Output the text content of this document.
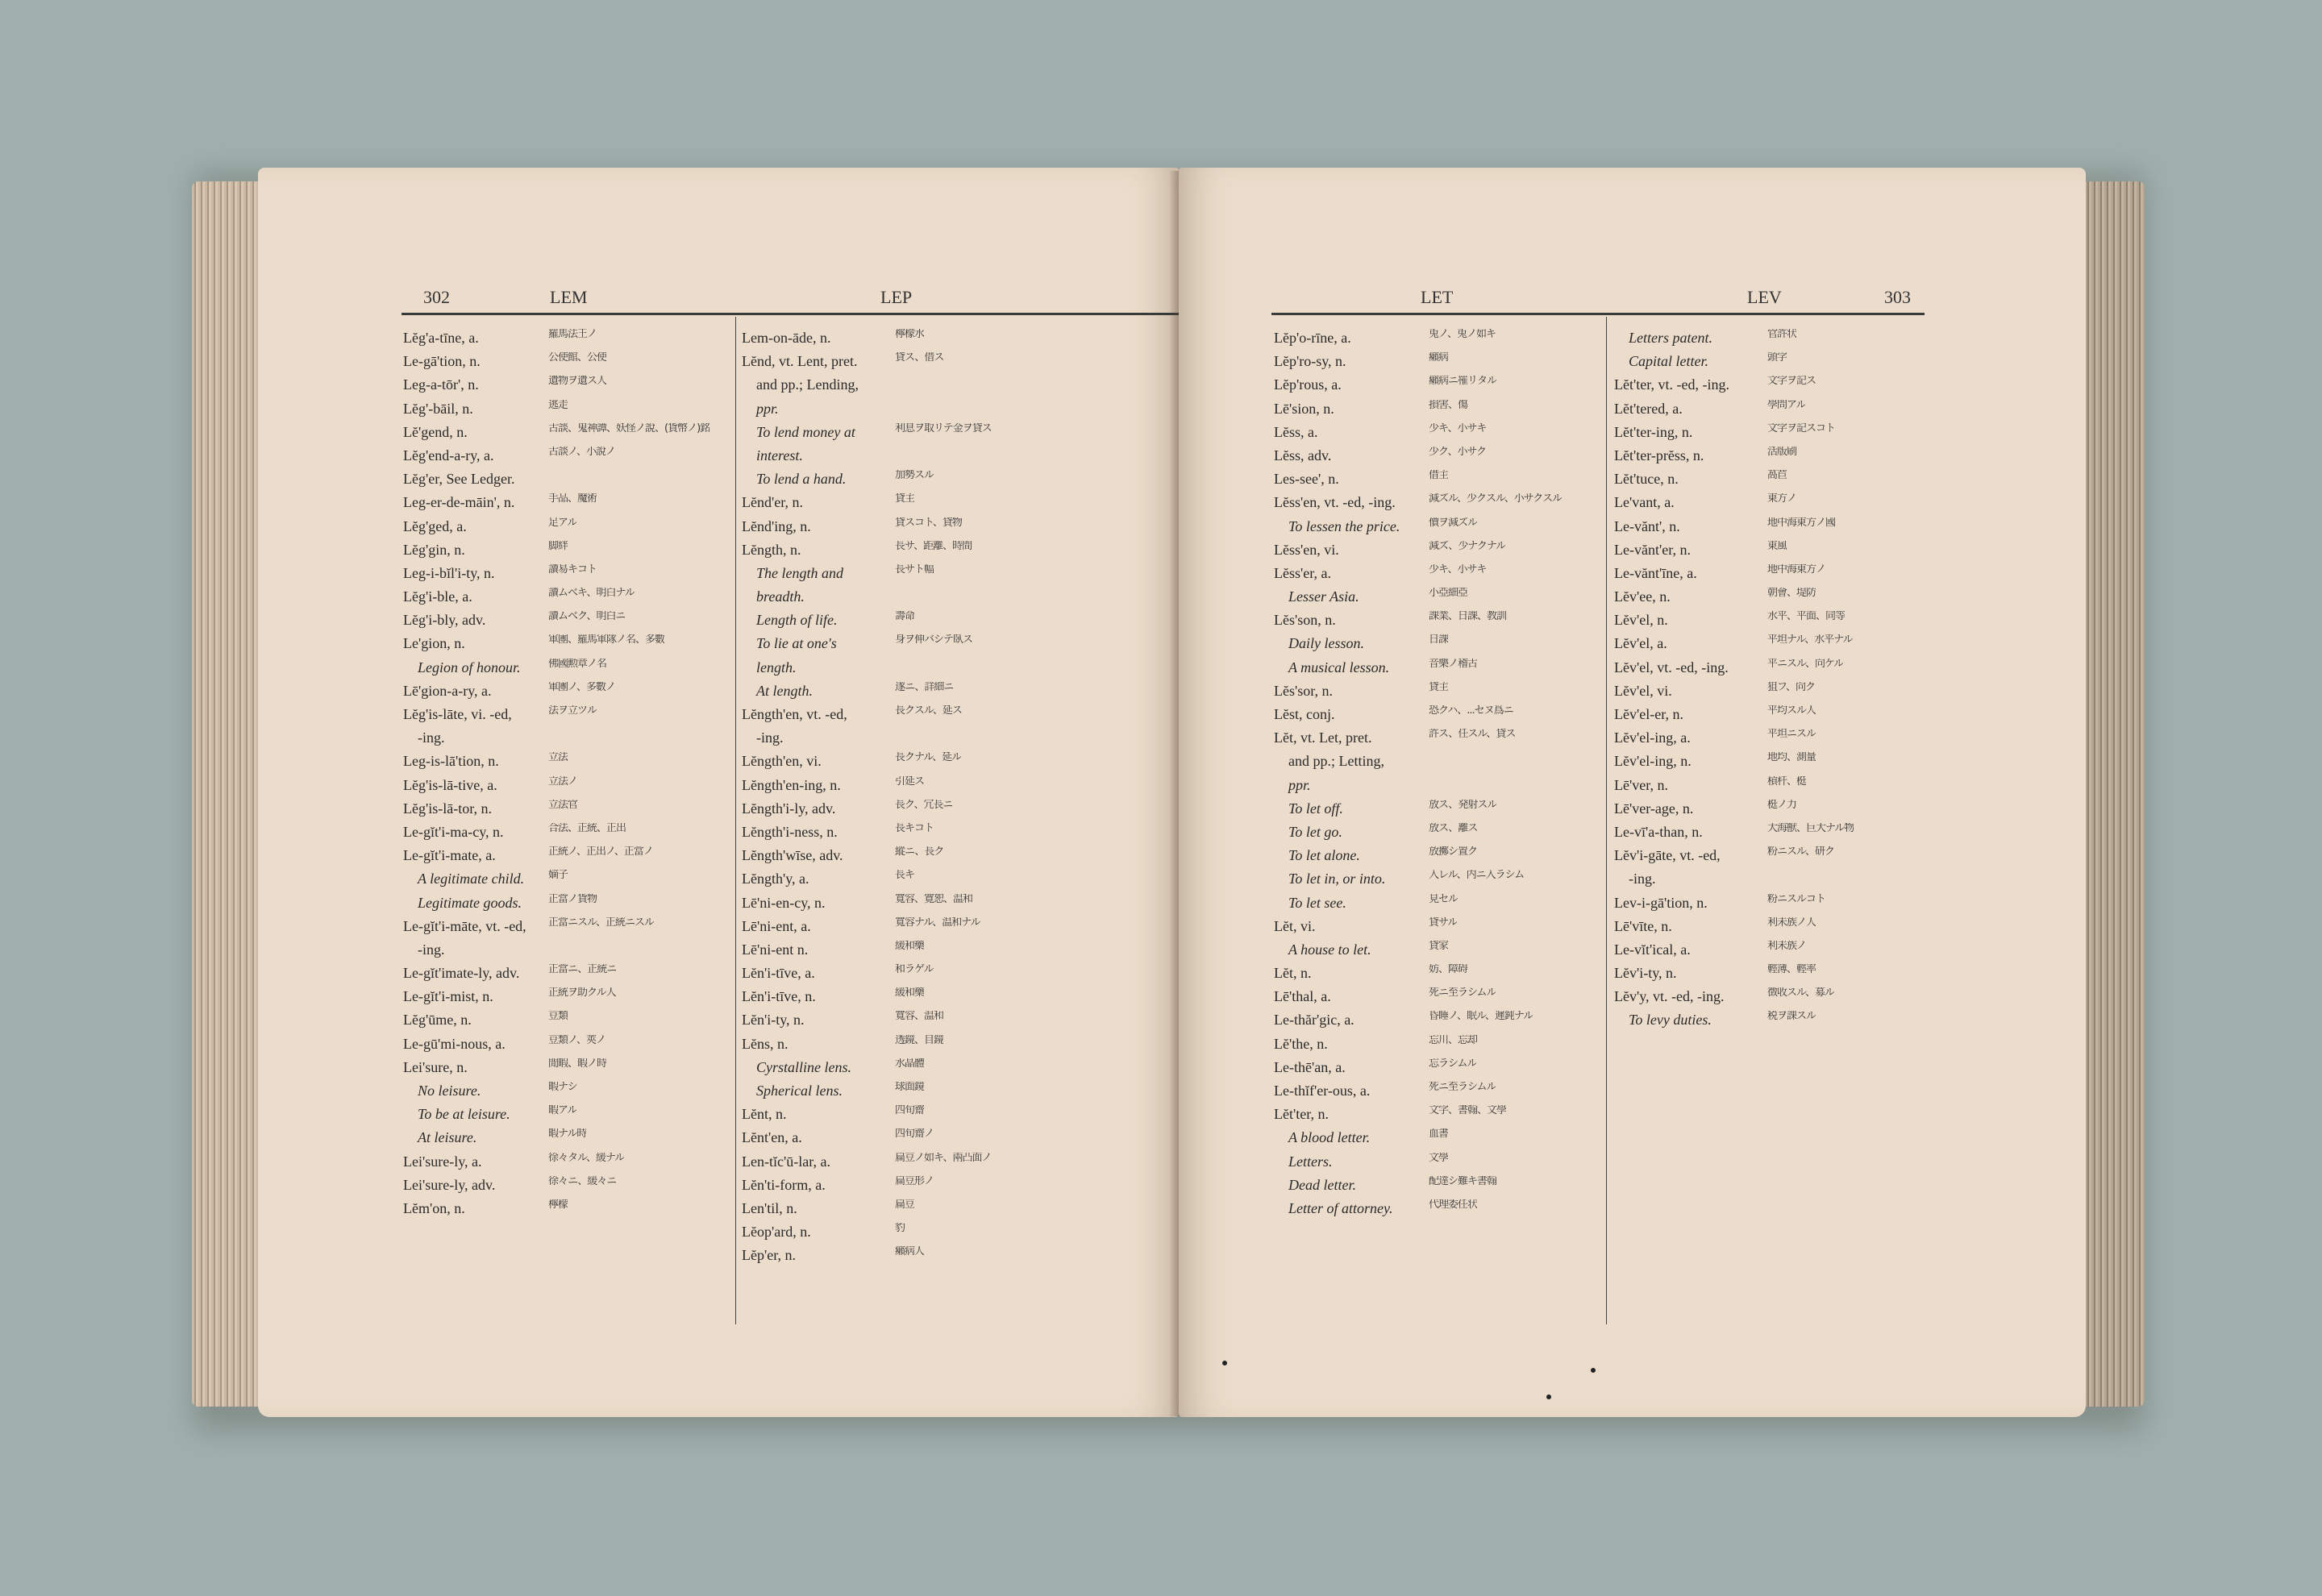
302	LEM	LEP
Lĕg'a-tīne, a.	羅馬法王ノ
Le-gā'tion, n.	公使館、公使
Leg-a-tōr', n.	遺物ヲ遺ス人
Lĕg'-bāil, n.	逃走
Lĕ'gend, n.	古談、鬼神譚、妖怪ノ說、(貨幣ノ)銘
Lĕg'end-a-ry, a.	古談ノ、小說ノ
Lĕg'er, See Ledger.
Leg-er-de-māin', n.	手品、魔術
Lĕg'ged, a.	足アル
Lĕg'gin, n.	脚絆
Leg-i-bĭl'i-ty, n.	讀易キコト
Lĕg'i-ble, a.	讀ムベキ、明白ナル
Lĕg'i-bly, adv.	讀ムベク、明白ニ
Le'gion, n.	軍團、羅馬軍隊ノ名、多數
Legion of honour.	佛國勲章ノ名
Lē'gion-a-ry, a.	軍團ノ、多數ノ
Lĕg'is-lāte, vi. -ed,	法ヲ立ツル
-ing.
Leg-is-lā'tion, n.	立法
Lĕg'is-lā-tive, a.	立法ノ
Lĕg'is-lā-tor, n.	立法官
Le-gĭt'i-ma-cy, n.	合法、正統、正出
Le-gĭt'i-mate, a.	正統ノ、正出ノ、正當ノ
A legitimate child.	嫡子
Legitimate goods.	正當ノ貨物
Le-gĭt'i-māte, vt. -ed,	正當ニスル、正統ニスル
-ing.
Le-gĭt'imate-ly, adv.	正當ニ、正統ニ
Le-gĭt'i-mist, n.	正統ヲ助クル人
Lĕg'ūme, n.	豆類
Le-gū'mi-nous, a.	豆類ノ、莢ノ
Lei'sure, n.	閒暇、暇ノ時
No leisure.	暇ナシ
To be at leisure.	暇アル
At leisure.	暇ナル時
Lei'sure-ly, a.	徐々タル、緩ナル
Lei'sure-ly, adv.	徐々ニ、緩々ニ
Lĕm'on, n.	檸檬
Lem-on-āde, n.	檸檬水
Lĕnd, vt. Lent, pret.	貸ス、借ス
and pp.; Lending,
ppr.
To lend money at	利息ヲ取リテ金ヲ貸ス
interest.
To lend a hand.	加勢スル
Lĕnd'er, n.	貸主
Lĕnd'ing, n.	貸スコト、貸物
Lĕngth, n.	長サ、距離、時間
The length and	長サト幅
breadth.
Length of life.	壽命
To lie at one's	身ヲ伸バシテ臥ス
length.
At length.	遂ニ、詳細ニ
Lĕngth'en, vt. -ed,	長クスル、延ス
-ing.
Lĕngth'en, vi.	長クナル、延ル
Lĕngth'en-ing, n.	引延ス
Lĕngth'i-ly, adv.	長ク、冗長ニ
Lĕngth'i-ness, n.	長キコト
Lĕngth'wīse, adv.	縱ニ、長ク
Lĕngth'y, a.	長キ
Lē'ni-en-cy, n.	寬容、寛恕、温和
Lē'ni-ent, a.	寬容ナル、温和ナル
Lē'ni-ent n.	緩和藥
Lĕn'i-tīve, a.	和ラゲル
Lĕn'i-tīve, n.	緩和藥
Lĕn'i-ty, n.	寬容、温和
Lĕns, n.	透鏡、目鏡
Cyrstalline lens.	水晶體
Spherical lens.	球面鏡
Lĕnt, n.	四旬齋
Lĕnt'en, a.	四旬齋ノ
Len-tĭc'ū-lar, a.	扁豆ノ如キ、兩凸面ノ
Lĕn'ti-form, a.	扁豆形ノ
Len'til, n.	扁豆
Lĕop'ard, n.	豹
Lĕp'er, n.	癩病人
LET	LEV	303
Lĕp'o-rīne, a.	兎ノ、兎ノ如キ
Lĕp'ro-sy, n.	癩病
Lĕp'rous, a.	癩病ニ罹リタル
Lē'sion, n.	損害、傷
Lĕss, a.	少キ、小サキ
Lĕss, adv.	少ク、小サク
Les-see', n.	借主
Lĕss'en, vt. -ed, -ing.	減ズル、少クスル、小サクスル
To lessen the price.	價ヲ減ズル
Lĕss'en, vi.	減ズ、少ナクナル
Lĕss'er, a.	少キ、小サキ
Lesser Asia.	小亞細亞
Lĕs'son, n.	課業、日課、教訓
Daily lesson.	日課
A musical lesson.	音樂ノ稽古
Lĕs'sor, n.	貸主
Lĕst, conj.	恐クハ、...セヌ爲ニ
Lĕt, vt. Let, pret.	許ス、任スル、貸ス
and pp.; Letting,
ppr.
To let off.	放ス、発射スル
To let go.	放ス、離ス
To let alone.	放擲シ置ク
To let in, or into.	入レル、内ニ入ラシム
To let see.	見セル
Lĕt, vi.	貸サル
A house to let.	貸家
Lĕt, n.	妨、障碍
Lē'thal, a.	死ニ至ラシムル
Le-thăr'gic, a.	昏睡ノ、眠ル、遲鈍ナル
Lĕ'the, n.	忘川、忘却
Le-thē'an, a.	忘ラシムル
Le-thĭf'er-ous, a.	死ニ至ラシムル
Lĕt'ter, n.	文字、書翰、文學
A blood letter.	血書
Letters.	文學
Dead letter.	配達シ難キ書翰
Letter of attorney.	代理委任状
Letters patent.	官許状
Capital letter.	頭字
Lĕt'ter, vt. -ed, -ing.	文字ヲ記ス
Lĕt'tered, a.	學問アル
Lĕt'ter-ing, n.	文字ヲ記スコト
Lĕt'ter-prĕss, n.	活版刷
Lĕt'tuce, n.	萵苣
Le'vant, a.	東方ノ
Le-vănt', n.	地中海東方ノ國
Le-vănt'er, n.	東風
Le-vănt'īne, a.	地中海東方ノ
Lĕv'ee, n.	朝會、堤防
Lĕv'el, n.	水平、平面、同等
Lĕv'el, a.	平坦ナル、水平ナル
Lĕv'el, vt. -ed, -ing.	平ニスル、向ケル
Lĕv'el, vi.	狙フ、向ク
Lĕv'el-er, n.	平均スル人
Lĕv'el-ing, a.	平坦ニスル
Lĕv'el-ing, n.	地均、測量
Lē'ver, n.	槓杆、梃
Lē'ver-age, n.	梃ノ力
Le-vī'a-than, n.	大海獸、巨大ナル物
Lĕv'i-gāte, vt. -ed,	粉ニスル、研ク
-ing.
Lev-i-gā'tion, n.	粉ニスルコト
Lē'vīte, n.	利未族ノ人
Le-vĭt'ical, a.	利未族ノ
Lĕv'i-ty, n.	輕薄、輕率
Lĕv'y, vt. -ed, -ing.	徴收スル、募ル
To levy duties.	税ヲ課スル
